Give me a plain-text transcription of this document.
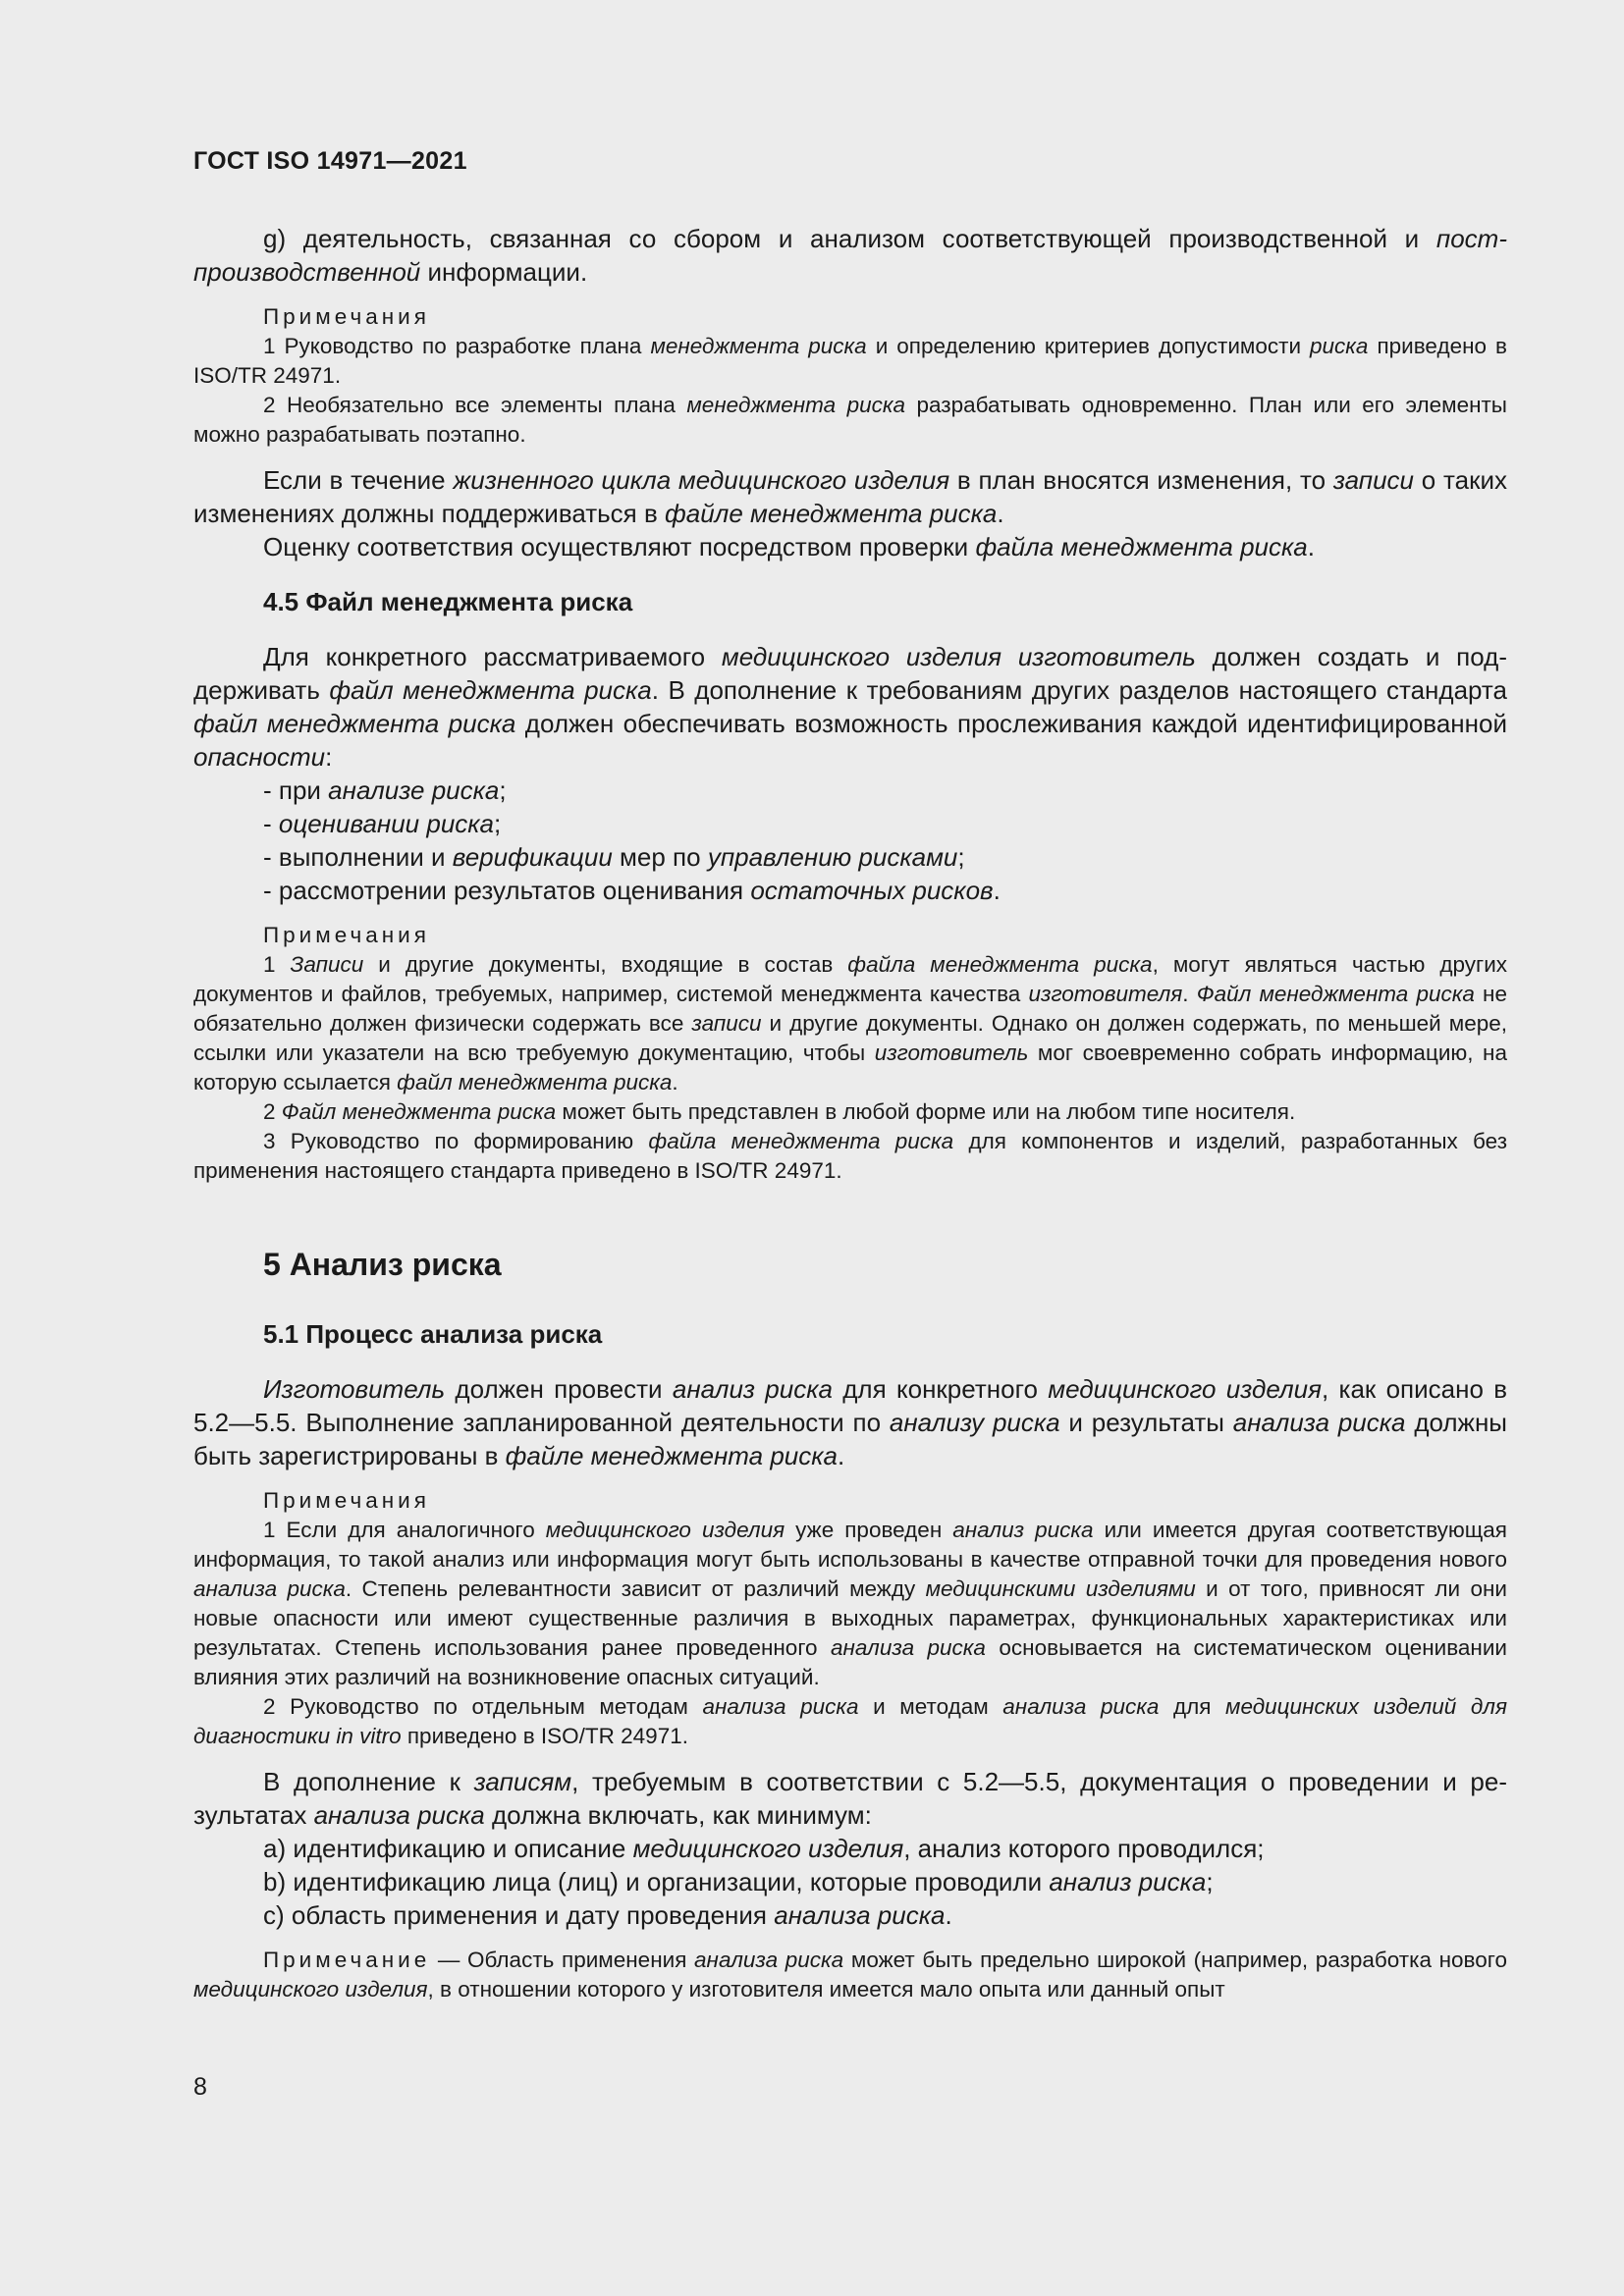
ГОСТ ISO 14971—2021

g) деятельность, связанная со сбором и анализом соответствующей производственной и постпроизводственной информации.

Примечания

1 Руководство по разработке плана менеджмента риска и определению критериев допустимости риска приведено в ISO/TR 24971.

2 Необязательно все элементы плана менеджмента риска разрабатывать одновременно. План или его элементы можно разрабатывать поэтапно.

Если в течение жизненного цикла медицинского изделия в план вносятся изменения, то записи о таких изменениях должны поддерживаться в файле менеджмента риска.

Оценку соответствия осуществляют посредством проверки файла менеджмента риска.

4.5 Файл менеджмента риска

Для конкретного рассматриваемого медицинского изделия изготовитель должен создать и поддерживать файл менеджмента риска. В дополнение к требованиям других разделов настоящего стандарта файл менеджмента риска должен обеспечивать возможность прослеживания каждой идентифицированной опасности:

- при анализе риска;

- оценивании риска;

- выполнении и верификации мер по управлению рисками;

- рассмотрении результатов оценивания остаточных рисков.

Примечания

1 Записи и другие документы, входящие в состав файла менеджмента риска, могут являться частью других документов и файлов, требуемых, например, системой менеджмента качества изготовителя. Файл менеджмента риска не обязательно должен физически содержать все записи и другие документы. Однако он должен содержать, по меньшей мере, ссылки или указатели на всю требуемую документацию, чтобы изготовитель мог своевременно собрать информацию, на которую ссылается файл менеджмента риска.

2 Файл менеджмента риска может быть представлен в любой форме или на любом типе носителя.

3 Руководство по формированию файла менеджмента риска для компонентов и изделий, разработанных без применения настоящего стандарта приведено в ISO/TR 24971.

5 Анализ риска
5.1 Процесс анализа риска

Изготовитель должен провести анализ риска для конкретного медицинского изделия, как описано в 5.2—5.5. Выполнение запланированной деятельности по анализу риска и результаты анализа риска должны быть зарегистрированы в файле менеджмента риска.

Примечания

1 Если для аналогичного медицинского изделия уже проведен анализ риска или имеется другая соответствующая информация, то такой анализ или информация могут быть использованы в качестве отправной точки для проведения нового анализа риска. Степень релевантности зависит от различий между медицинскими изделиями и от того, привносят ли они новые опасности или имеют существенные различия в выходных параметрах, функциональных характеристиках или результатах. Степень использования ранее проведенного анализа риска основывается на систематическом оценивании влияния этих различий на возникновение опасных ситуаций.

2 Руководство по отдельным методам анализа риска и методам анализа риска для медицинских изделий для диагностики in vitro приведено в ISO/TR 24971.

В дополнение к записям, требуемым в соответствии с 5.2—5.5, документация о проведении и результатах анализа риска должна включать, как минимум:

a) идентификацию и описание медицинского изделия, анализ которого проводился;

b) идентификацию лица (лиц) и организации, которые проводили анализ риска;

c) область применения и дату проведения анализа риска.

Примечание — Область применения анализа риска может быть предельно широкой (например, разработка нового медицинского изделия, в отношении которого у изготовителя имеется мало опыта или данный опыт

8
